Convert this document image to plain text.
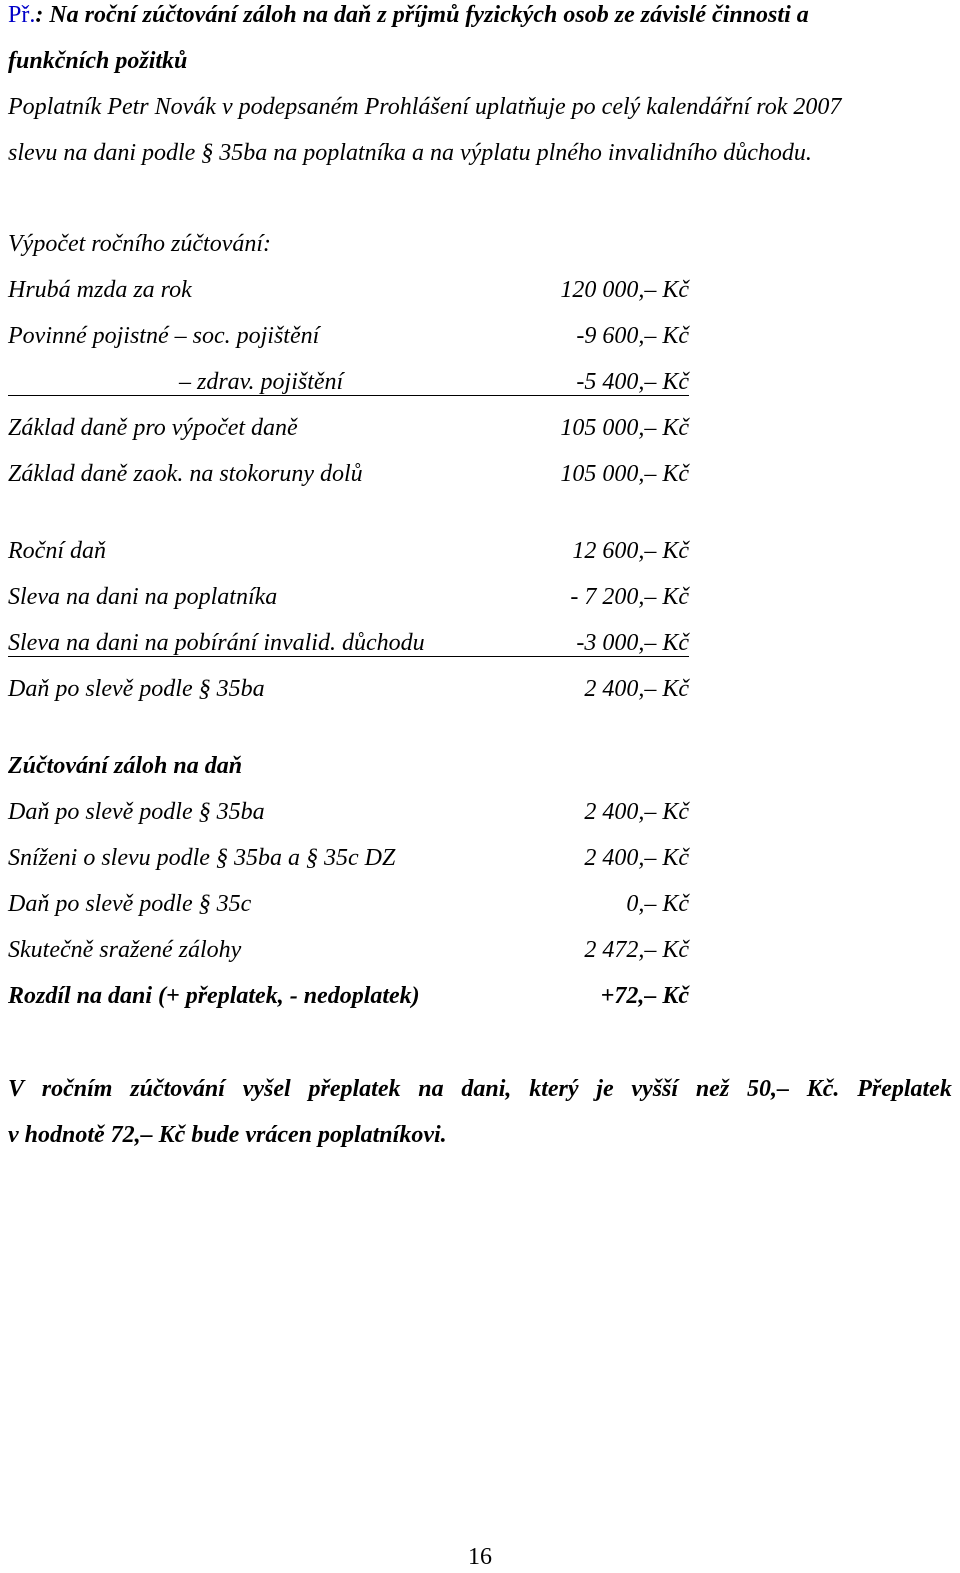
Př.: Na roční zúčtování záloh na daň z příjmů fyzických osob ze závislé činnosti a
funkčních požitků
Poplatník Petr Novák v podepsaném Prohlášení uplatňuje po celý kalendářní rok 2007
slevu na dani podle § 35ba na poplatníka a na výplatu plného invalidního důchodu.
Výpočet ročního zúčtování:
Hrubá mzda za rok	120 000,– Kč
Povinné pojistné – soc. pojištění	-9 600,– Kč
– zdrav. pojištění	-5 400,– Kč
Základ daně pro výpočet daně	105 000,– Kč
Základ daně zaok. na stokoruny dolů	105 000,– Kč
Roční daň	12 600,– Kč
Sleva na dani na poplatníka	- 7 200,– Kč
Sleva na dani na pobírání invalid. důchodu	-3 000,– Kč
Daň po slevě podle § 35ba	2 400,– Kč
Zúčtování záloh na daň
Daň po slevě podle § 35ba	2 400,– Kč
Sníženi o slevu podle § 35ba a § 35c DZ	2 400,– Kč
Daň po slevě podle § 35c	0,– Kč
Skutečně sražené zálohy	2 472,– Kč
Rozdíl na dani (+ přeplatek, - nedoplatek)	+72,– Kč
V ročním zúčtování vyšel přeplatek na dani, který je vyšší než 50,– Kč. Přeplatek
v hodnotě 72,– Kč bude vrácen poplatníkovi.
16
